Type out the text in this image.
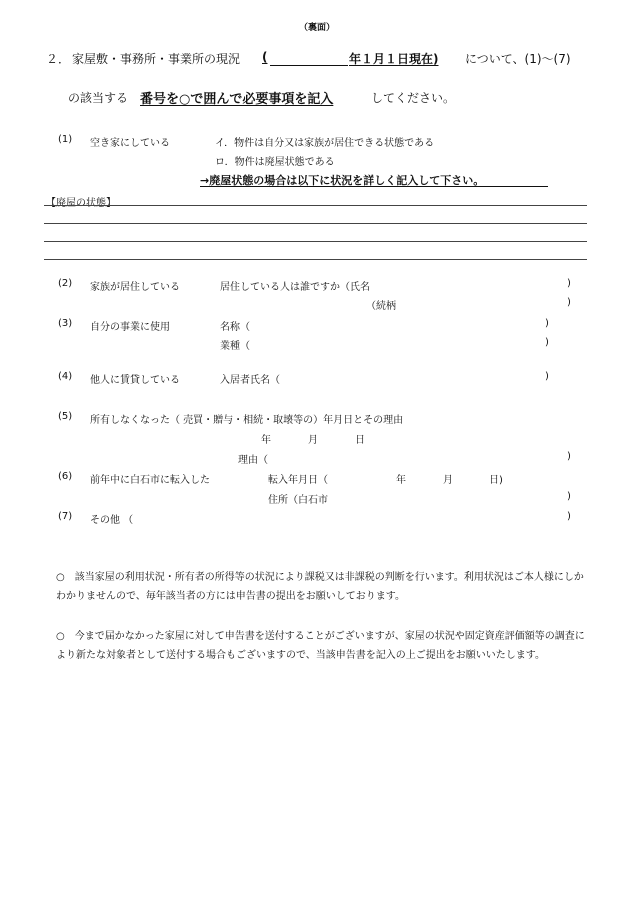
（裏面）
２． 家屋敷・事務所・事業所の現況 (	年１月１日現在) について、(1)～(7)
の該当する 番号を○で囲んで必要事項を記入	してください。
(1) 空き家にしている	イ．物件は自分又は家族が居住できる状態である
ロ．物件は廃屋状態である
→廃屋状態の場合は以下に状況を詳しく記入して下さい。
【廃屋の状態】
(2) 家族が居住している	居住している人は誰ですか（氏名	)
（続柄	)
(3) 自分の事業に使用	名称（	)
業種（	)
(4) 他人に賃貸している	入居者氏名（	)
(5) 所有しなくなった（ 売買・贈与・相続・取壊等の）年月日とその理由
年	月	日
理由（	)
(6) 前年中に白石市に転入した	転入年月日（	年	月	日)
住所（白石市	)
(7) その他 （	)
○　該当家屋の利用状況・所有者の所得等の状況により課税又は非課税の判断を行います。利用状況はご本人様にしかわかりませんので、毎年該当者の方には申告書の提出をお願いしております。
○　今まで届かなかった家屋に対して申告書を送付することがございますが、家屋の状況や固定資産評価額等の調査により新たな対象者として送付する場合もございますので、当該申告書を記入の上ご提出をお願いいたします。
